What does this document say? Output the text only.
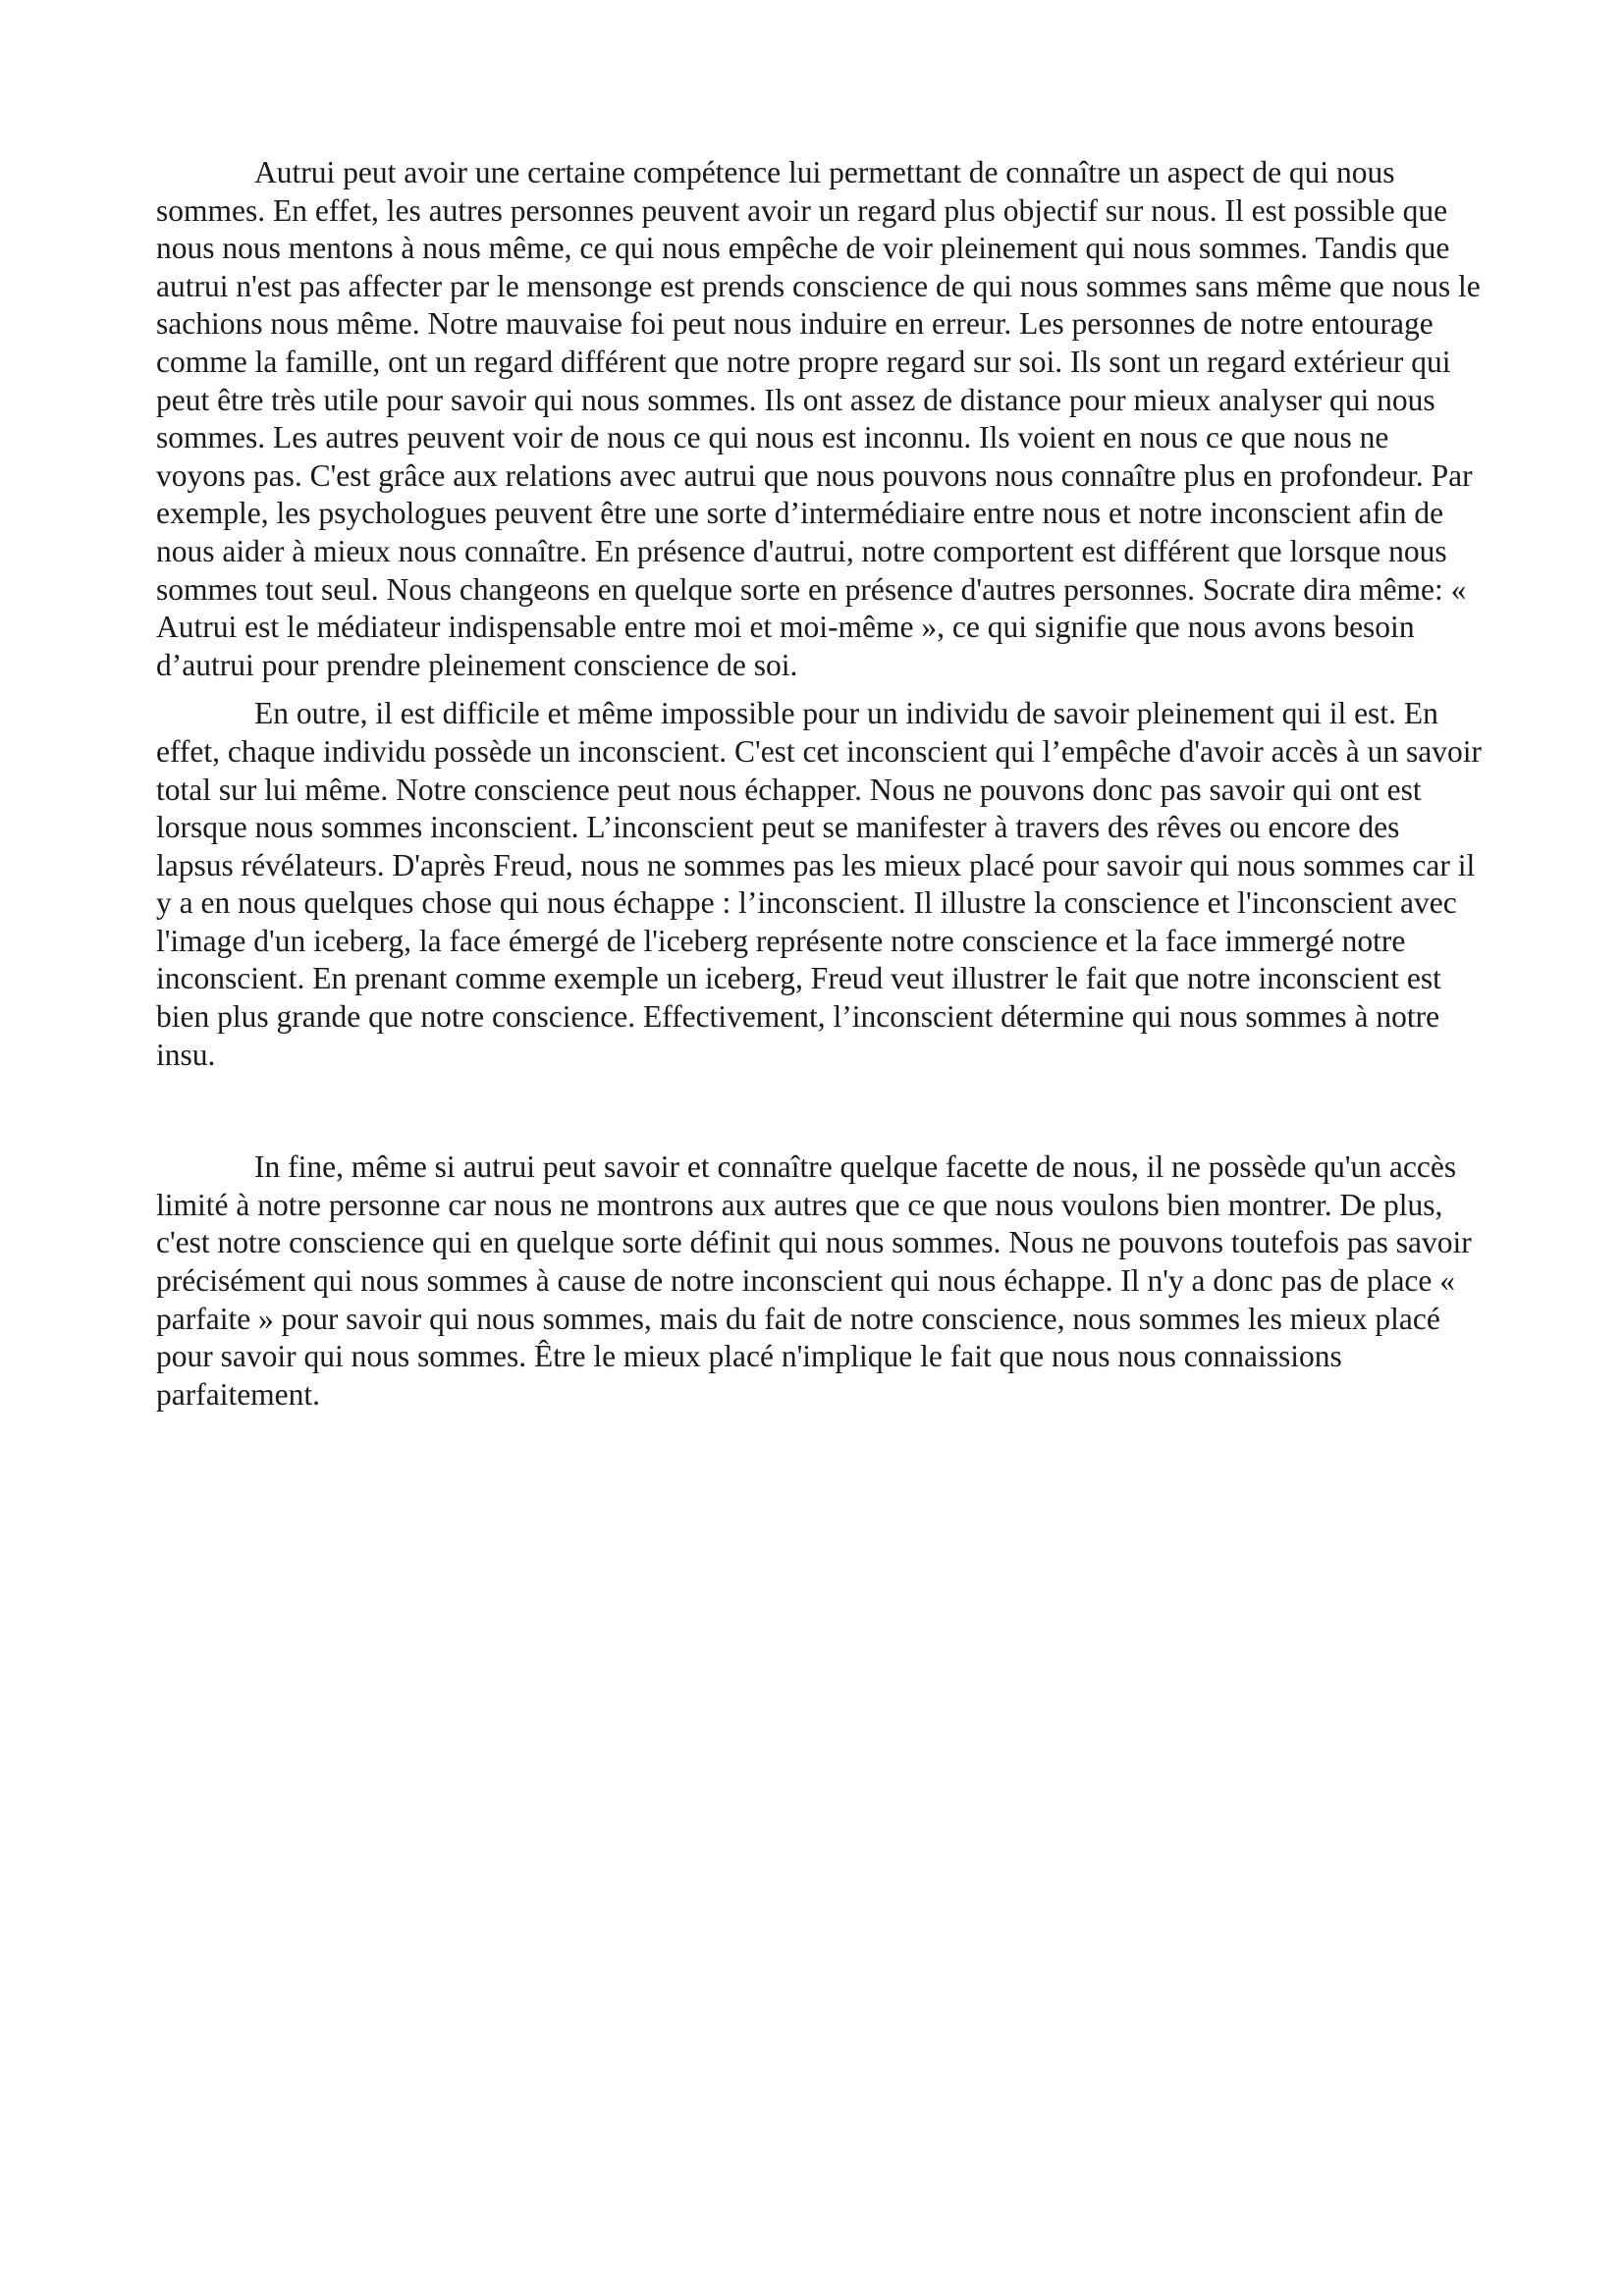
Autrui peut avoir une certaine compétence lui permettant de connaître un aspect de qui nous sommes. En effet, les autres personnes peuvent avoir un regard plus objectif sur nous. Il est possible que nous nous mentons à nous même, ce qui nous empêche de voir pleinement qui nous sommes. Tandis que autrui n'est pas affecter par le mensonge est prends conscience de qui nous sommes sans même que nous le sachions nous même. Notre mauvaise foi peut nous induire en erreur. Les personnes de notre entourage comme la famille, ont un regard différent que notre propre regard sur soi. Ils sont un regard extérieur qui peut être très utile pour savoir qui nous sommes. Ils ont assez de distance pour mieux analyser qui nous sommes. Les autres peuvent voir de nous ce qui nous est inconnu. Ils voient en nous ce que nous ne voyons pas. C'est grâce aux relations avec autrui que nous pouvons nous connaître plus en profondeur. Par exemple, les psychologues peuvent être une sorte d’intermédiaire entre nous et notre inconscient afin de nous aider à mieux nous connaître. En présence d'autrui, notre comportent est différent que lorsque nous sommes tout seul. Nous changeons en quelque sorte en présence d'autres personnes. Socrate dira même: « Autrui est le médiateur indispensable entre moi et moi-même », ce qui signifie que nous avons besoin d’autrui pour prendre pleinement conscience de soi.

En outre, il est difficile et même impossible pour un individu de savoir pleinement qui il est. En effet, chaque individu possède un inconscient. C'est cet inconscient qui l’empêche d'avoir accès à un savoir total sur lui même. Notre conscience peut nous échapper. Nous ne pouvons donc pas savoir qui ont est lorsque nous sommes inconscient. L’inconscient peut se manifester à travers des rêves ou encore des lapsus révélateurs. D'après Freud, nous ne sommes pas les mieux placé pour savoir qui nous sommes car il y a en nous quelques chose qui nous échappe : l’inconscient. Il illustre la conscience et l'inconscient avec l'image d'un iceberg, la face émergé de l'iceberg représente notre conscience et la face immergé notre inconscient. En prenant comme exemple un iceberg, Freud veut illustrer le fait que notre inconscient est bien plus grande que notre conscience. Effectivement, l’inconscient détermine qui nous sommes à notre insu.

In fine, même si autrui peut savoir et connaître quelque facette de nous, il ne possède qu'un accès limité à notre personne car nous ne montrons aux autres que ce que nous voulons bien montrer. De plus, c'est notre conscience qui en quelque sorte définit qui nous sommes. Nous ne pouvons toutefois pas savoir précisément qui nous sommes à cause de notre inconscient qui nous échappe. Il n'y a donc pas de place « parfaite » pour savoir qui nous sommes, mais du fait de notre conscience, nous sommes les mieux placé pour savoir qui nous sommes. Être le mieux placé n'implique le fait que nous nous connaissions parfaitement.
